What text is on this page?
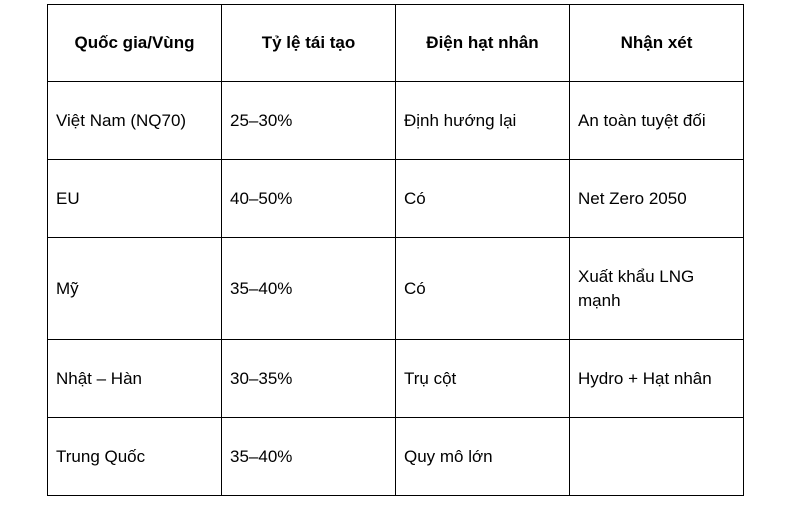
Quốc gia/Vùng	Tỷ lệ tái tạo	Điện hạt nhân	Nhận xét
Việt Nam (NQ70)	25–30%	Định hướng lại	An toàn tuyệt đối
EU	40–50%	Có	Net Zero 2050
Mỹ	35–40%	Có	Xuất khẩu LNG mạnh
Nhật – Hàn	30–35%	Trụ cột	Hydro + Hạt nhân
Trung Quốc	35–40%	Quy mô lớn	
